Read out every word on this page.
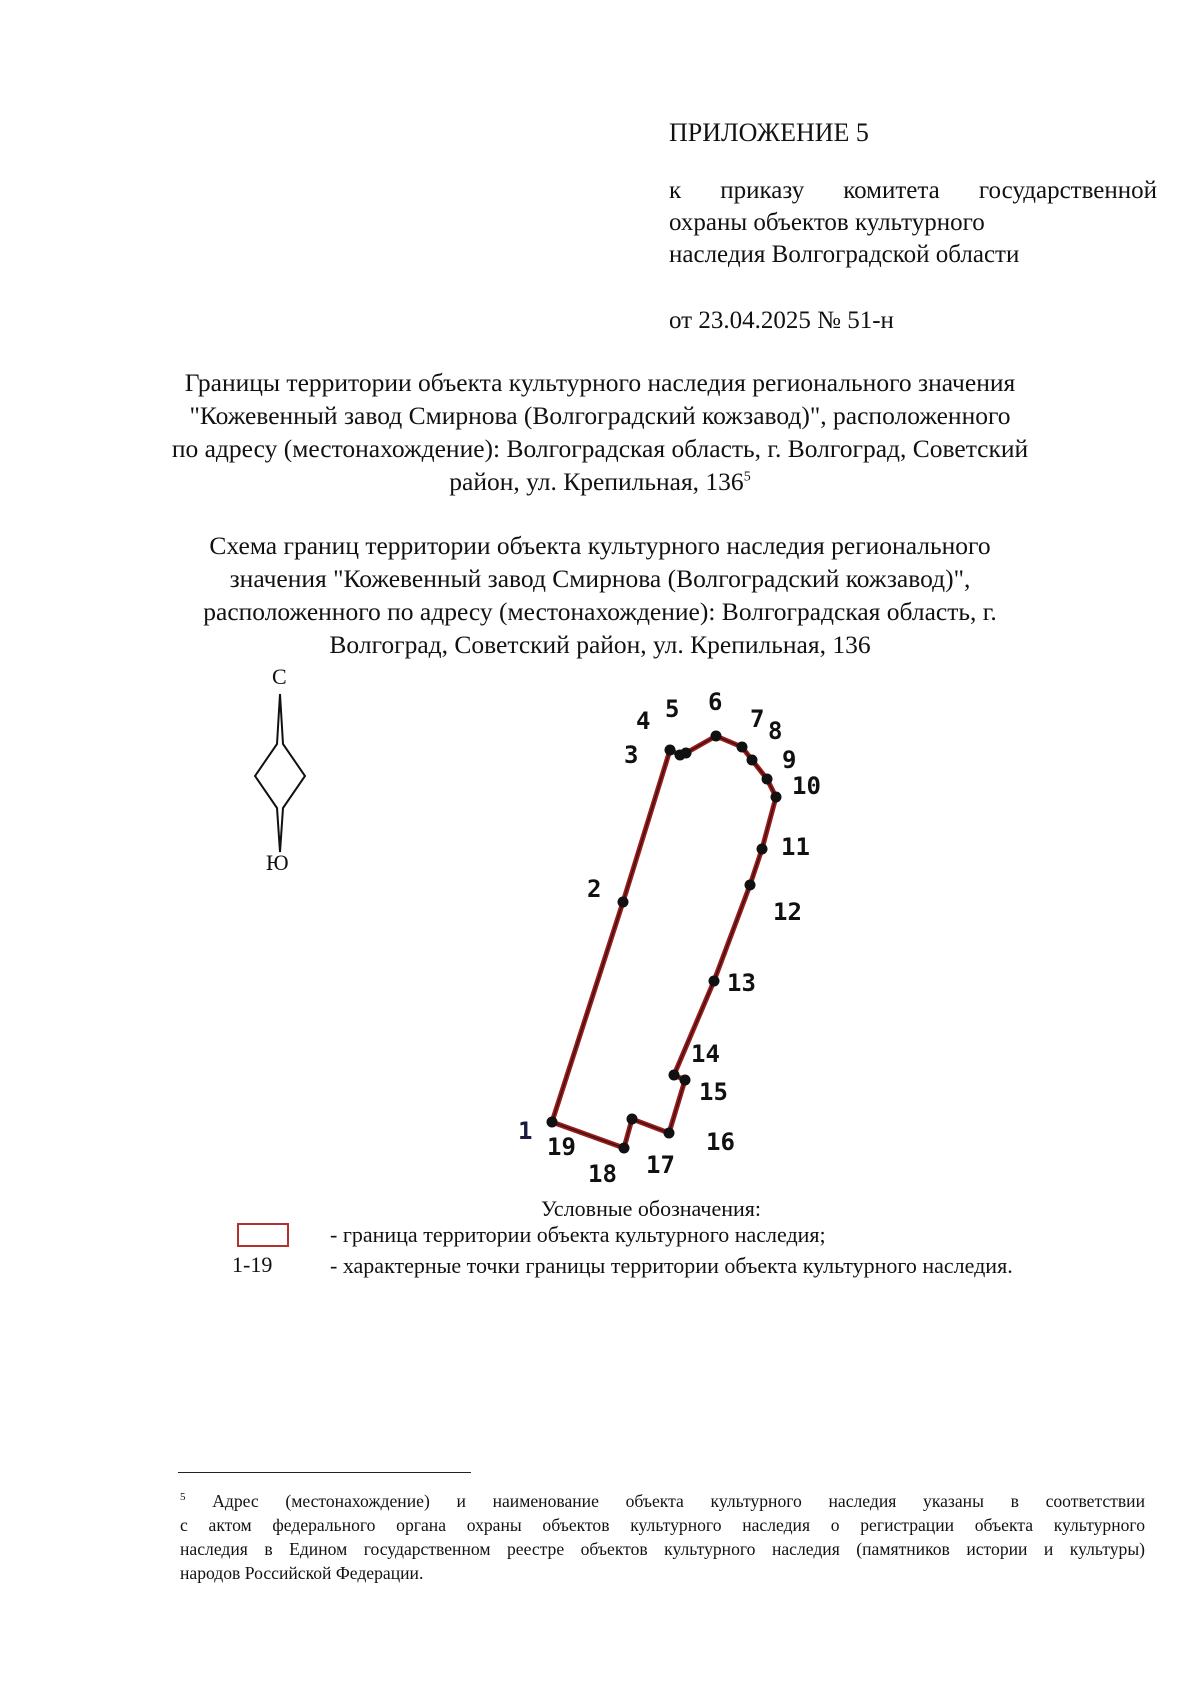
ПРИЛОЖЕНИЕ 5
к приказу комитета государственной
охраны объектов культурного
наследия Волгоградской области
от 23.04.2025 № 51-н
Границы территории объекта культурного наследия регионального значения
"Кожевенный завод Смирнова (Волгоградский кожзавод)", расположенного
по адресу (местонахождение): Волгоградская область, г. Волгоград, Советский
район, ул. Крепильная, $136^5$
Схема границ территории объекта культурного наследия регионального
значения "Кожевенный завод Смирнова (Волгоградский кожзавод)",
расположенного по адресу (местонахождение): Волгоградская область, г.
Волгоград, Советский район, ул. Крепильная, 136
С
Ю
1
2
3
4 5 6
7 8
9
10
11
12
13
14
15
16
17
18
19
Условные обозначения:
1-19
- граница территории объекта культурного наследия;
- характерные точки границы территории объекта культурного наследия.
$^5$ Адрес (местонахождение) и наименование объекта культурного наследия указаны в соответствии
с актом федерального органа охраны объектов культурного наследия о регистрации объекта культурного
наследия в Едином государственном реестре объектов культурного наследия (памятников истории и культуры)
народов Российской Федерации.
